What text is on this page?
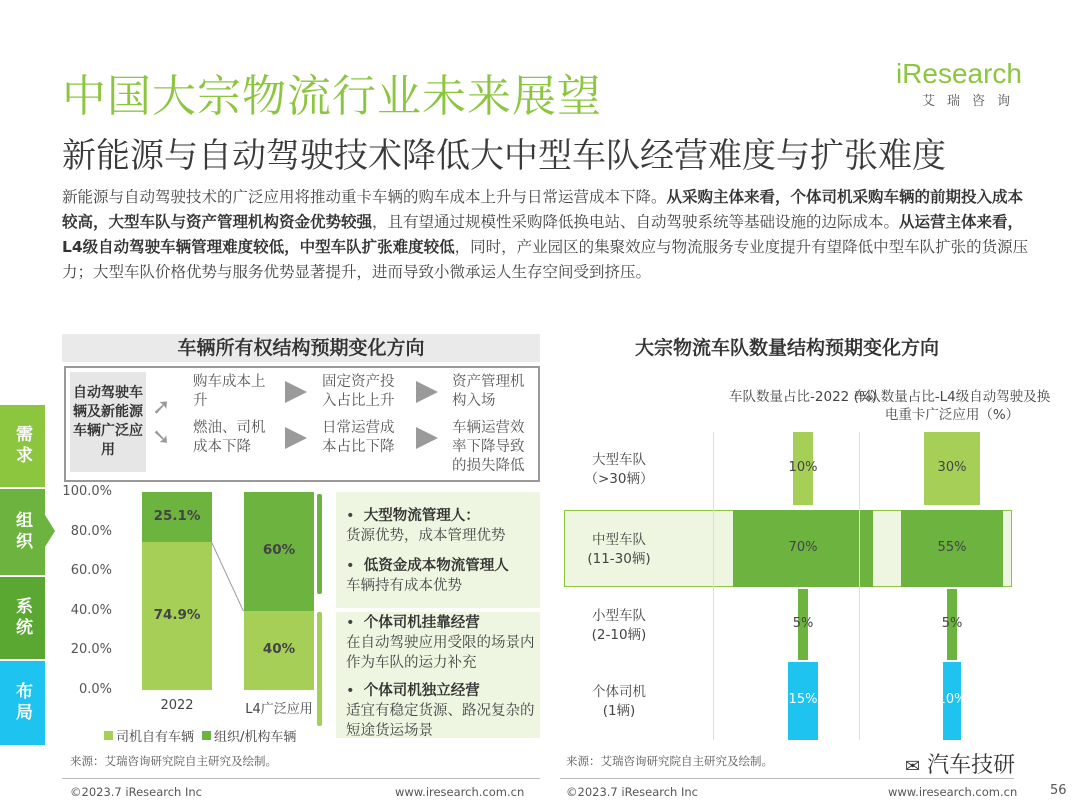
中国大宗物流行业未来展望
新能源与自动驾驶技术降低大中型车队经营难度与扩张难度
iResearch
艾瑞咨询
新能源与自动驾驶技术的广泛应用将推动重卡车辆的购车成本上升与日常运营成本下降。从采购主体来看，个体司机采购车辆的前期投入成本较高，大型车队与资产管理机构资金优势较强，且有望通过规模性采购降低换电站、自动驾驶系统等基础设施的边际成本。从运营主体来看，L4级自动驾驶车辆管理难度较低，中型车队扩张难度较低，同时，产业园区的集聚效应与物流服务专业度提升有望降低中型车队扩张的货源压力；大型车队价格优势与服务优势显著提升，进而导致小微承运人生存空间受到挤压。
需求
组织
系统
布局
车辆所有权结构预期变化方向
自动驾驶车辆及新能源车辆广泛应用
➚
➘
购车成本上升
固定资产投入占比上升
资产管理机构入场
燃油、司机成本下降
日常运营成本占比下降
车辆运营效率下降导致的损失降低
100.0%
80.0%
60.0%
40.0%
20.0%
0.0%
74.9%
25.1%
2022
40%
60%
L4广泛应用
司机自有车辆 组织/机构车辆
•  大型物流管理人：
货源优势，成本管理优势
•  低资金成本物流管理人
车辆持有成本优势
•  个体司机挂靠经营
在自动驾驶应用受限的场景内作为车队的运力补充
•  个体司机独立经营
适宜有稳定货源、路况复杂的短途货运场景
来源：艾瑞咨询研究院自主研究及绘制。
©2023.7 iResearch Inc	www.iresearch.com.cn
大宗物流车队数量结构预期变化方向
车队数量占比-2022 (%)
车队数量占比-L4级自动驾驶及换电重卡广泛应用（%）
大型车队
（>30辆）
10%	30%
中型车队
(11-30辆)
70%	55%
小型车队
(2-10辆)
5%	5%
个体司机
(1辆)
15%	10%
来源：艾瑞咨询研究院自主研究及绘制。
©2023.7 iResearch Inc	www.iresearch.com.cn
✉ 汽车技研
56
